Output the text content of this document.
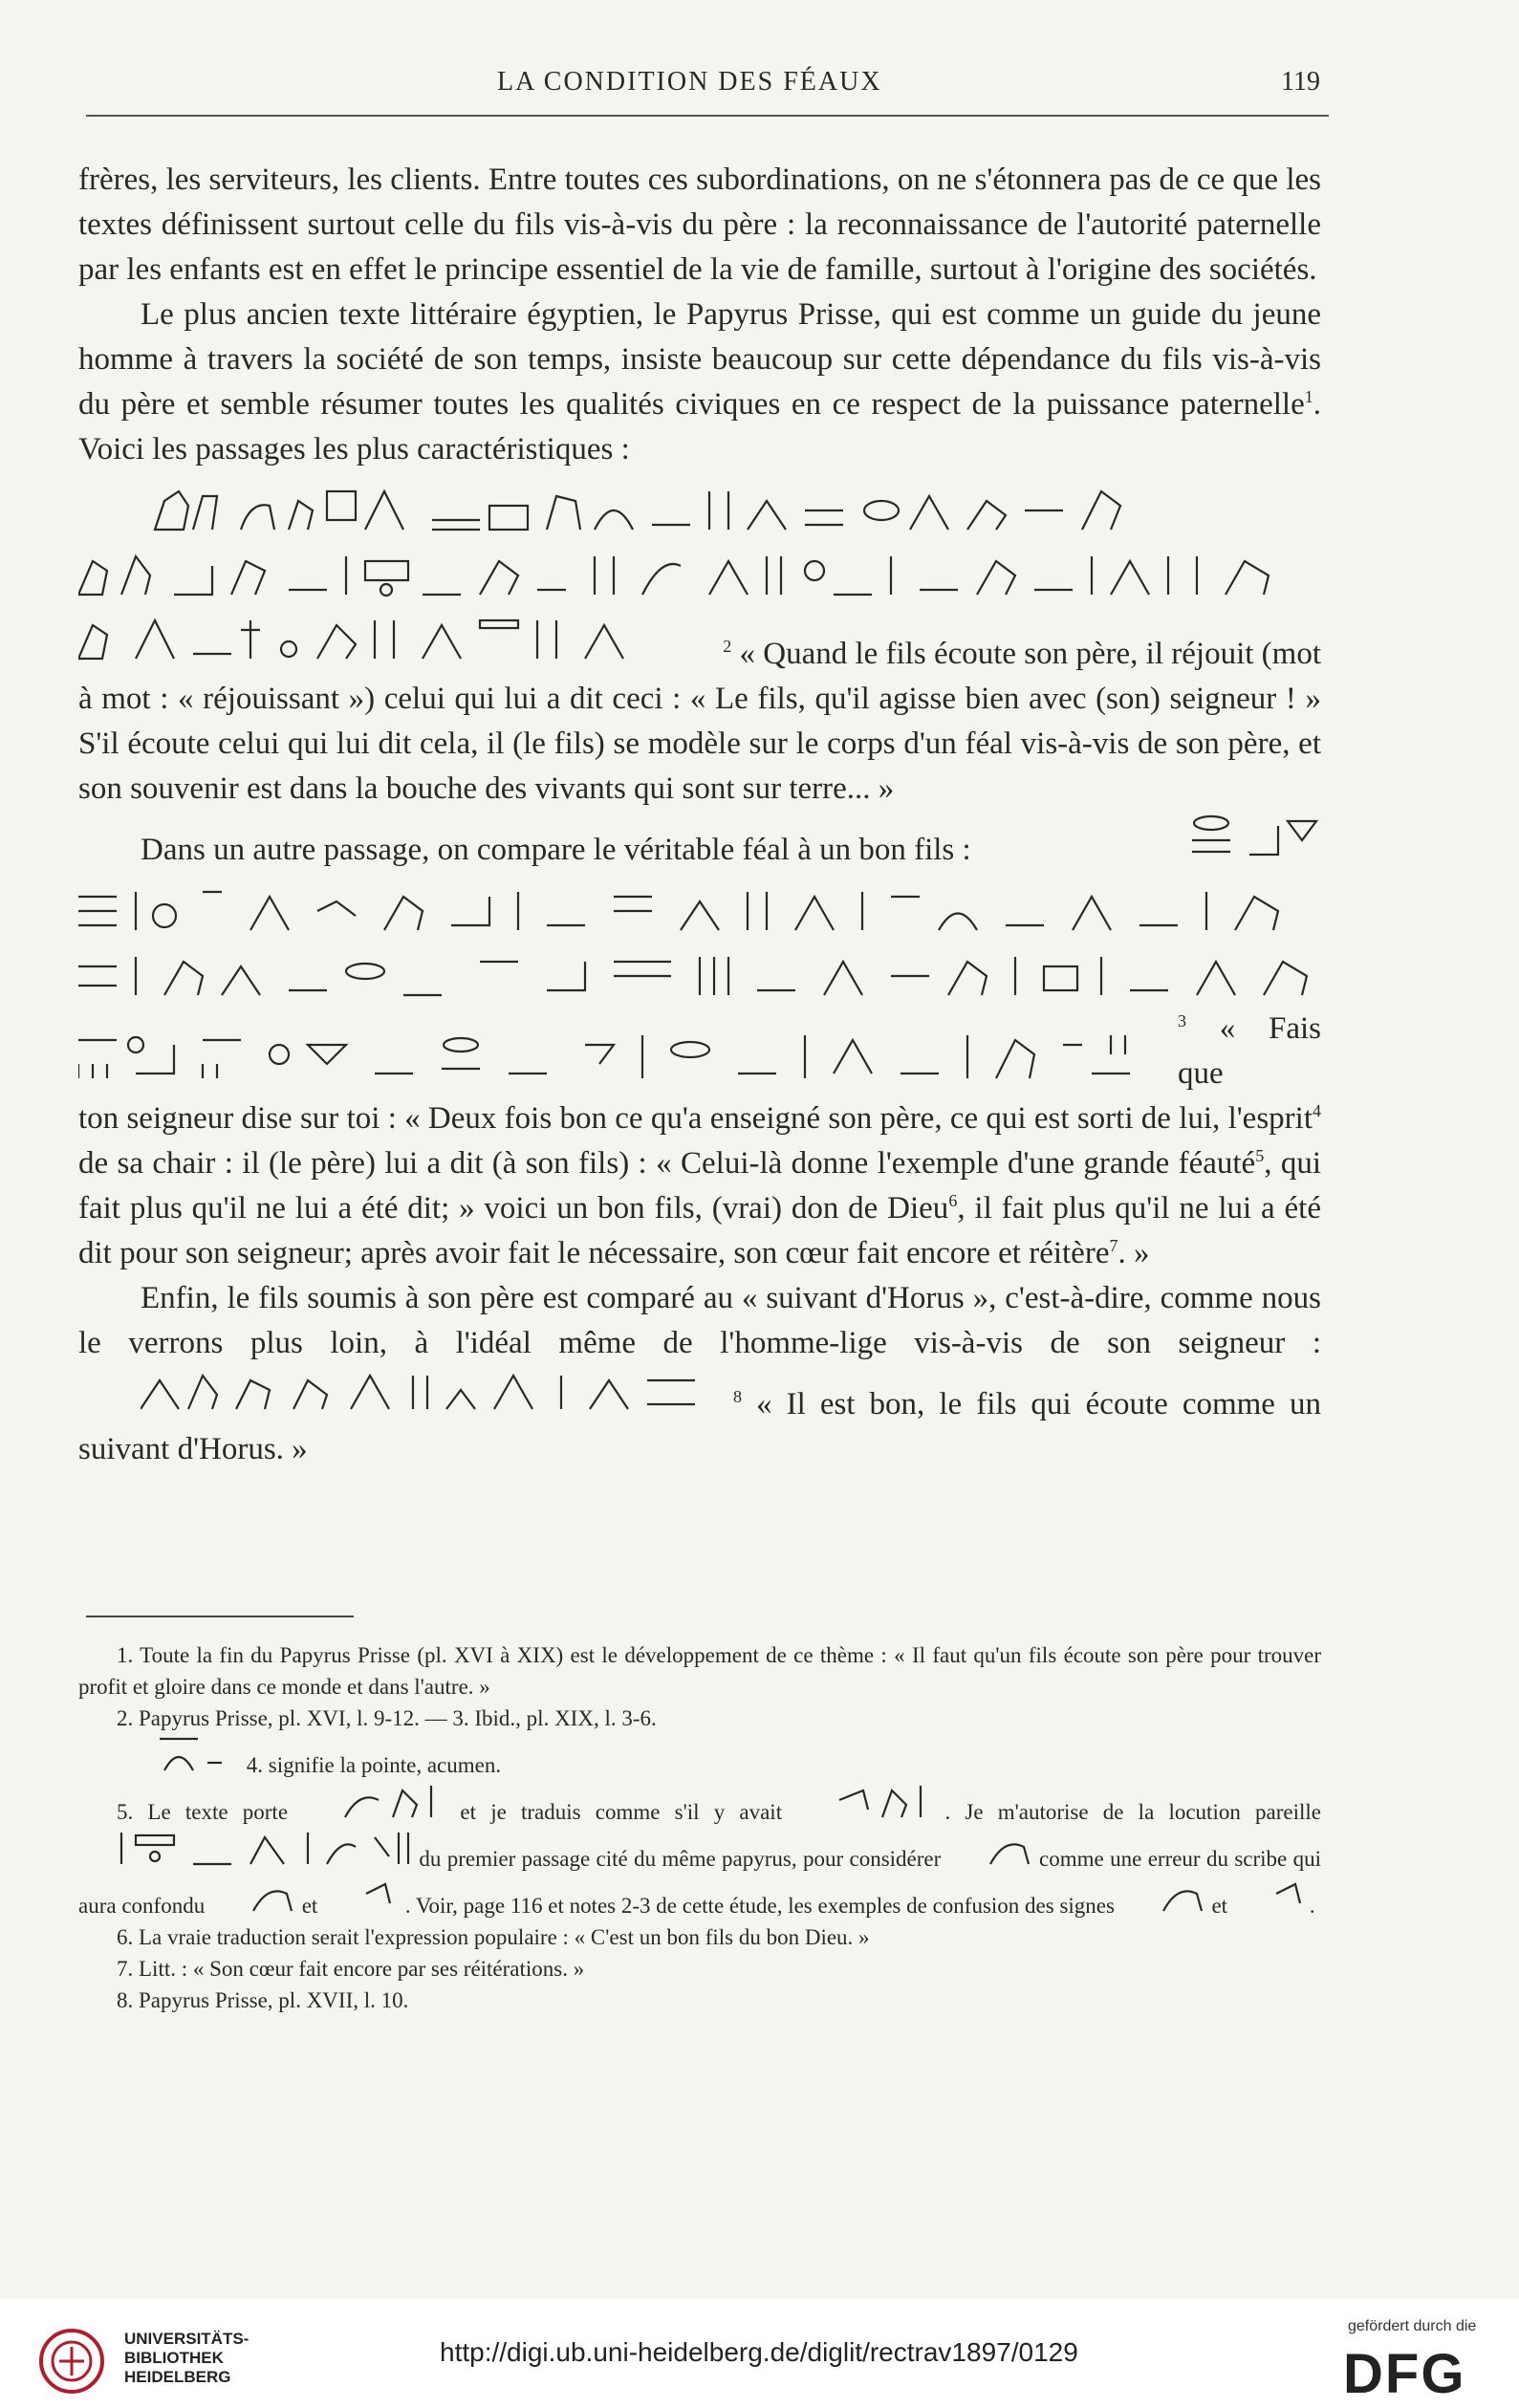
LA CONDITION DES FÉAUX	119

frères, les serviteurs, les clients. Entre toutes ces subordinations, on ne s'étonnera pas de ce que les textes définissent surtout celle du fils vis-à-vis du père : la reconnaissance de l'autorité paternelle par les enfants est en effet le principe essentiel de la vie de famille, surtout à l'origine des sociétés.

Le plus ancien texte littéraire égyptien, le Papyrus Prisse, qui est comme un guide du jeune homme à travers la société de son temps, insiste beaucoup sur cette dépendance du fils vis-à-vis du père et semble résumer toutes les qualités civiques en ce respect de la puissance paternelle$^1$. Voici les passages les plus caractéristiques :

$^2$ « Quand le fils écoute son père, il réjouit (mot

à mot : « réjouissant ») celui qui lui a dit ceci : « Le fils, qu'il agisse bien avec (son) seigneur ! » S'il écoute celui qui lui dit cela, il (le fils) se modèle sur le corps d'un féal vis-à-vis de son père, et son souvenir est dans la bouche des vivants qui sont sur terre... »

Dans un autre passage, on compare le véritable féal à un bon fils :

$^3$ « Fais que

ton seigneur dise sur toi : « Deux fois bon ce qu'a enseigné son père, ce qui est sorti de lui, l'esprit$^4$ de sa chair : il (le père) lui a dit (à son fils) : « Celui-là donne l'exemple d'une grande féauté$^5$, qui fait plus qu'il ne lui a été dit; » voici un bon fils, (vrai) don de Dieu$^6$, il fait plus qu'il ne lui a été dit pour son seigneur; après avoir fait le nécessaire, son cœur fait encore et réitère$^7$. »

Enfin, le fils soumis à son père est comparé au « suivant d'Horus », c'est-à-dire, comme nous le verrons plus loin, à l'idéal même de l'homme-lige vis-à-vis de son seigneur : $^8$ « Il est bon, le fils qui écoute comme un suivant d'Horus. »

1. Toute la fin du Papyrus Prisse (pl. XVI à XIX) est le développement de ce thème : « Il faut qu'un fils écoute son père pour trouver profit et gloire dans ce monde et dans l'autre. »

2. Papyrus Prisse, pl. XVI, l. 9-12. — 3. Ibid., pl. XIX, l. 3-6.

4. signifie la pointe, acumen.

5. Le texte porte	et je traduis comme s'il y avait	. Je m'autorise de la locution pareille  du premier passage cité du même papyrus, pour considérer	comme une erreur du scribe qui aura confondu	et	. Voir, page 116 et notes 2-3 de cette étude, les exemples de confusion des signes	et	.

6. La vraie traduction serait l'expression populaire : « C'est un bon fils du bon Dieu. »

7. Litt. : « Son cœur fait encore par ses réitérations. »

8. Papyrus Prisse, pl. XVII, l. 10.

UNIVERSITÄTS-
BIBLIOTHEK
HEIDELBERG
http://digi.ub.uni-heidelberg.de/diglit/rectrav1897/0129
gefördert durch die
DFG
